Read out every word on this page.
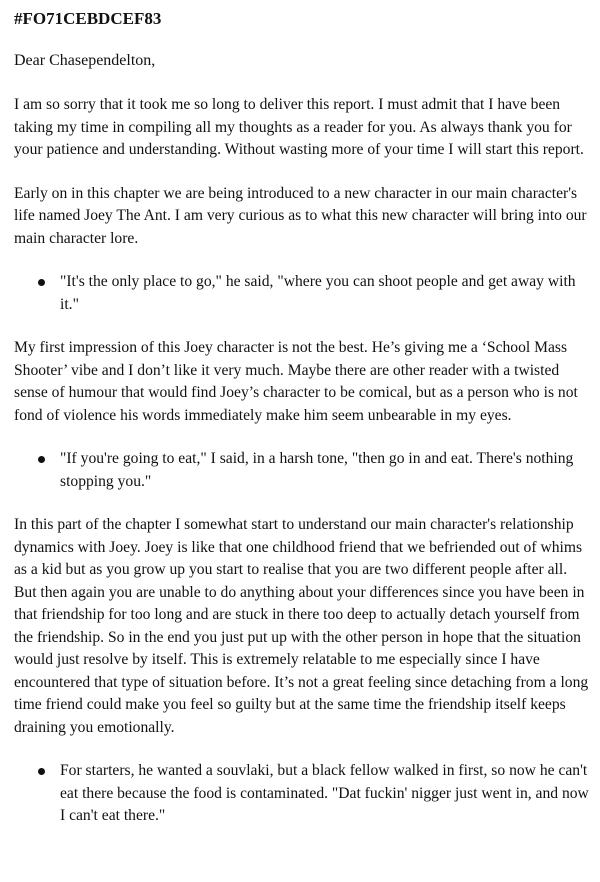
#FO71CEBDCEF83
Dear Chasependelton,

I am so sorry that it took me so long to deliver this report. I must admit that I have been taking my time in compiling all my thoughts as a reader for you. As always thank you for your patience and understanding. Without wasting more of your time I will start this report.

Early on in this chapter we are being introduced to a new character in our main character's life named Joey The Ant. I am very curious as to what this new character will bring into our main character lore.

"It's the only place to go," he said, "where you can shoot people and get away with it."

My first impression of this Joey character is not the best. He’s giving me a ‘School Mass Shooter’ vibe and I don’t like it very much. Maybe there are other reader with a twisted sense of humour that would find Joey’s character to be comical, but as a person who is not fond of violence his words immediately make him seem unbearable in my eyes.

"If you're going to eat," I said, in a harsh tone, "then go in and eat. There's nothing stopping you."

In this part of the chapter I somewhat start to understand our main character's relationship dynamics with Joey. Joey is like that one childhood friend that we befriended out of whims as a kid but as you grow up you start to realise that you are two different people after all. But then again you are unable to do anything about your differences since you have been in that friendship for too long and are stuck in there too deep to actually detach yourself from the friendship. So in the end you just put up with the other person in hope that the situation would just resolve by itself. This is extremely relatable to me especially since I have encountered that type of situation before. It’s not a great feeling since detaching from a long time friend could make you feel so guilty but at the same time the friendship itself keeps draining you emotionally.

For starters, he wanted a souvlaki, but a black fellow walked in first, so now he can't eat there because the food is contaminated. "Dat fuckin' nigger just went in, and now I can't eat there."
